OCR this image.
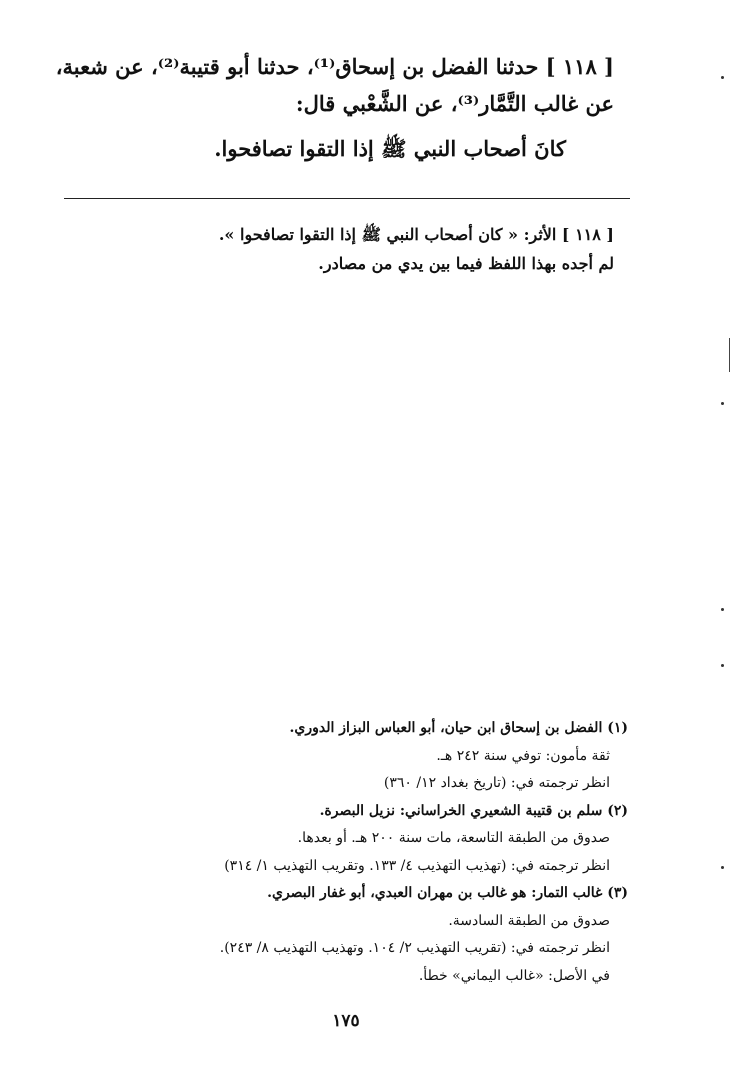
[ ١١٨ ] حدثنا الفضل بن إسحاق⁽¹⁾، حدثنا أبو قتيبة⁽²⁾، عن شعبة،
عن غالب التَّمَّار⁽³⁾، عن الشَّعْبي قال:
كانَ أصحاب النبي ﷺ إذا التقوا تصافحوا.
[ ١١٨ ] الأثر: « كان أصحاب النبي ﷺ إذا التقوا تصافحوا ».
لم أجده بهذا اللفظ فيما بين يدي من مصادر.
(١) الفضل بن إسحاق ابن حيان، أبو العباس البزاز الدوري.
ثقة مأمون: توفي سنة ٢٤٢ هـ.
انظر ترجمته في: (تاريخ بغداد ١٢/ ٣٦٠)
(٢) سلم بن قتيبة الشعيري الخراساني: نزيل البصرة.
صدوق من الطبقة التاسعة، مات سنة ٢٠٠ هـ. أو بعدها.
انظر ترجمته في: (تهذيب التهذيب ٤/ ١٣٣. وتقريب التهذيب ١/ ٣١٤)
(٣) غالب التمار: هو غالب بن مهران العبدي، أبو غفار البصري.
صدوق من الطبقة السادسة.
انظر ترجمته في: (تقريب التهذيب ٢/ ١٠٤. وتهذيب التهذيب ٨/ ٢٤٣).
في الأصل: «غالب اليماني» خطأ.
١٧٥
